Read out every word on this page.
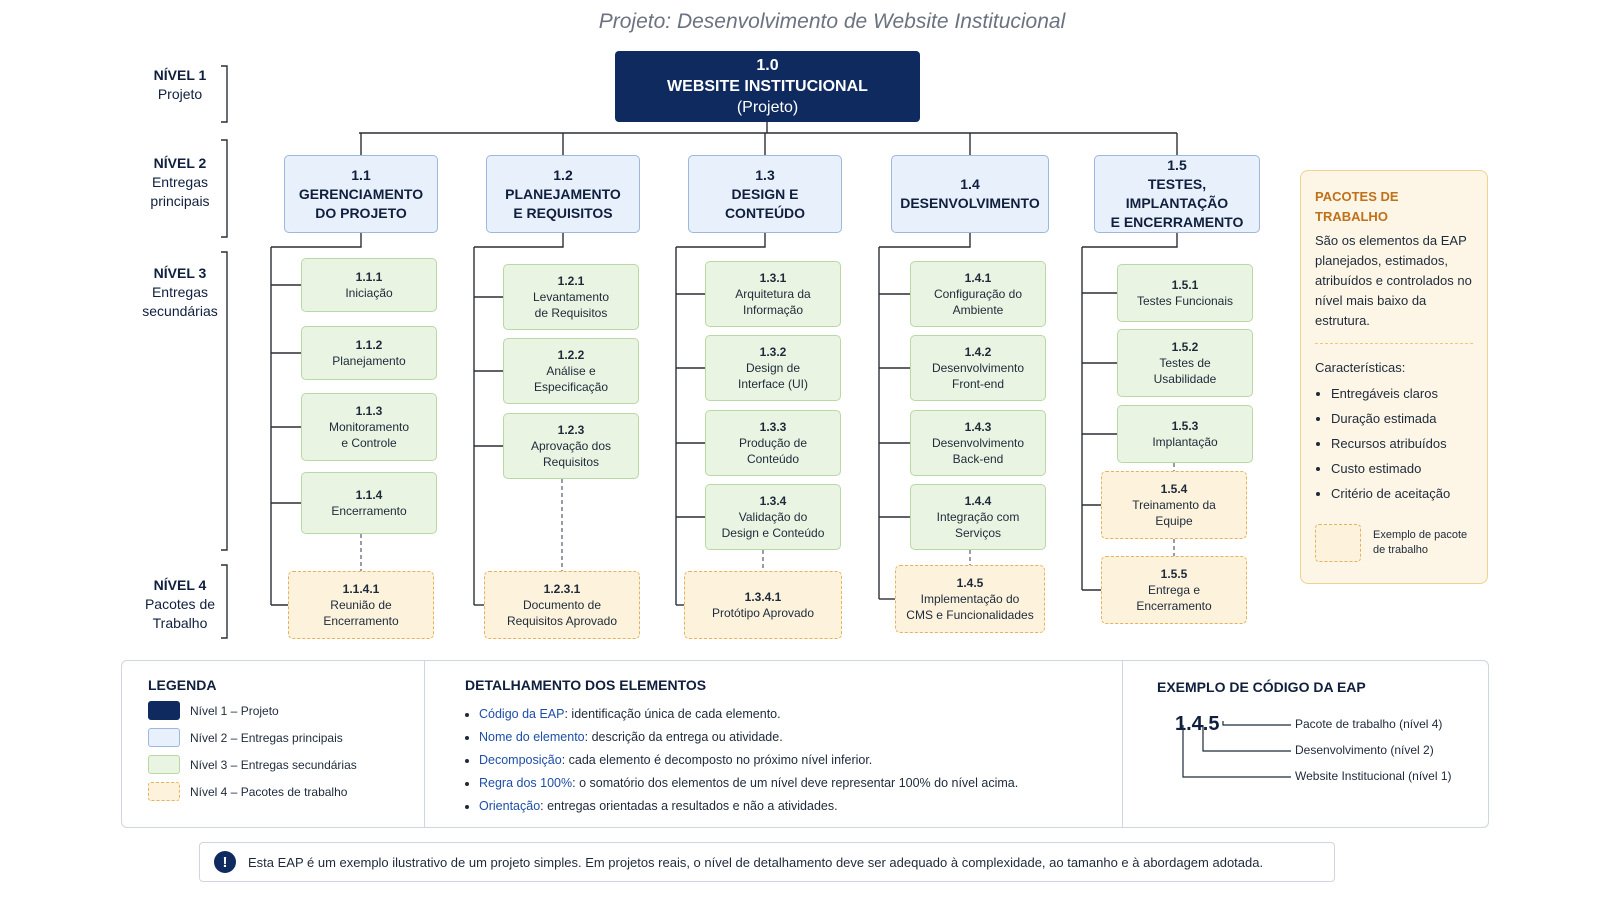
Projeto: Desenvolvimento de Website Institucional
NÍVEL 1
Projeto
NÍVEL 2
Entregas
principais
NÍVEL 3
Entregas
secundárias
NÍVEL 4
Pacotes de
Trabalho
1.0
WEBSITE INSTITUCIONAL
(Projeto)
1.1
GERENCIAMENTO
DO PROJETO
1.1.1
Iniciação
1.1.2
Planejamento
1.1.3
Monitoramento
e Controle
1.1.4
Encerramento
1.1.4.1
Reunião de
Encerramento
1.2
PLANEJAMENTO
E REQUISITOS
1.2.1
Levantamento
de Requisitos
1.2.2
Análise e
Especificação
1.2.3
Aprovação dos
Requisitos
1.2.3.1
Documento de
Requisitos Aprovado
1.3
DESIGN E
CONTEÚDO
1.3.1
Arquitetura da
Informação
1.3.2
Design de
Interface (UI)
1.3.3
Produção de
Conteúdo
1.3.4
Validação do
Design e Conteúdo
1.3.4.1
Protótipo Aprovado
1.4
DESENVOLVIMENTO
1.4.1
Configuração do
Ambiente
1.4.2
Desenvolvimento
Front-end
1.4.3
Desenvolvimento
Back-end
1.4.4
Integração com
Serviços
1.4.5
Implementação do
CMS e Funcionalidades
1.5
TESTES, IMPLANTAÇÃO
E ENCERRAMENTO
1.5.1
Testes Funcionais
1.5.2
Testes de
Usabilidade
1.5.3
Implantação
1.5.4
Treinamento da
Equipe
1.5.5
Entrega e
Encerramento
PACOTES DE TRABALHO
São os elementos da EAP planejados, estimados, atribuídos e controlados no nível mais baixo da estrutura.
Características:
• Entregáveis claros
• Duração estimada
• Recursos atribuídos
• Custo estimado
• Critério de aceitação
Exemplo de pacote de trabalho
LEGENDA
Nível 1 – Projeto
Nível 2 – Entregas principais
Nível 3 – Entregas secundárias
Nível 4 – Pacotes de trabalho
DETALHAMENTO DOS ELEMENTOS
• Código da EAP: identificação única de cada elemento.
• Nome do elemento: descrição da entrega ou atividade.
• Decomposição: cada elemento é decomposto no próximo nível inferior.
• Regra dos 100%: o somatório dos elementos de um nível deve representar 100% do nível acima.
• Orientação: entregas orientadas a resultados e não a atividades.
EXEMPLO DE CÓDIGO DA EAP
1.4.5	Pacote de trabalho (nível 4)
Desenvolvimento (nível 2)
Website Institucional (nível 1)
!	Esta EAP é um exemplo ilustrativo de um projeto simples. Em projetos reais, o nível de detalhamento deve ser adequado à complexidade, ao tamanho e à abordagem adotada.
